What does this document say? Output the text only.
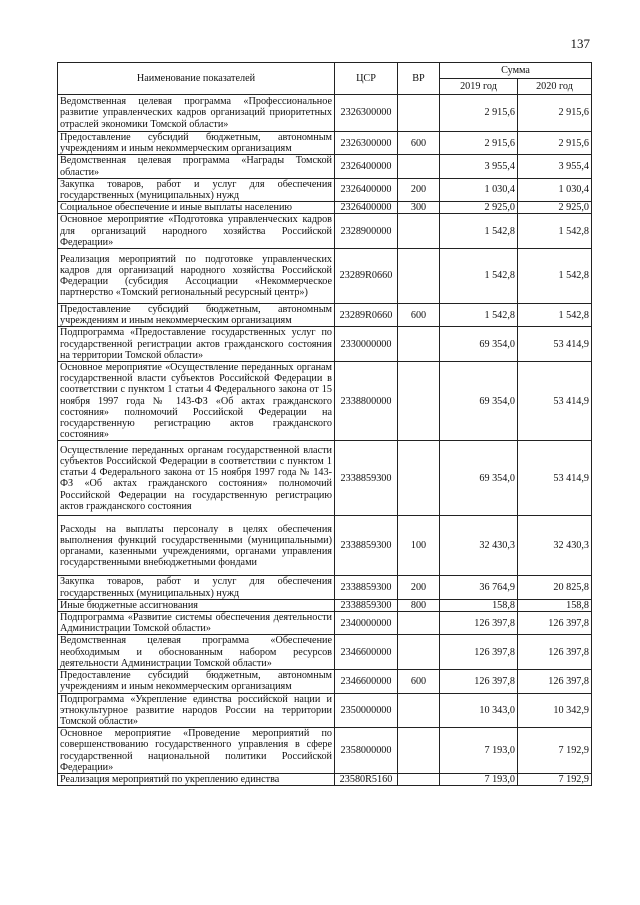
137
Наименование показателей	ЦСР	ВР	Сумма	
			2019 год	2020 год
Ведомственная целевая программа «Профессиональное развитие управленческих кадров организаций приоритетных отраслей экономики Томской области»	2326300000		2 915,6	2 915,6
Предоставление субсидий бюджетным, автономным учреждениям и иным некоммерческим организациям	2326300000	600	2 915,6	2 915,6
Ведомственная целевая программа «Награды Томской области»	2326400000		3 955,4	3 955,4
Закупка товаров, работ и услуг для обеспечения государственных (муниципальных) нужд	2326400000	200	1 030,4	1 030,4
Социальное обеспечение и иные выплаты населению	2326400000	300	2 925,0	2 925,0
Основное мероприятие «Подготовка управленческих кадров для организаций народного хозяйства Российской Федерации»	2328900000		1 542,8	1 542,8
Реализация мероприятий по подготовке управленческих кадров для организаций народного хозяйства Российской Федерации (субсидия Ассоциации «Некоммерческое партнерство «Томский региональный ресурсный центр»)	23289R0660		1 542,8	1 542,8
Предоставление субсидий бюджетным, автономным учреждениям и иным некоммерческим организациям	23289R0660	600	1 542,8	1 542,8
Подпрограмма «Предоставление государственных услуг по государственной регистрации актов гражданского состояния на территории Томской области»	2330000000		69 354,0	53 414,9
Основное мероприятие «Осуществление переданных органам государственной власти субъектов Российской Федерации в соответствии с пунктом 1 статьи 4 Федерального закона от 15 ноября 1997 года № 143-ФЗ «Об актах гражданского состояния» полномочий Российской Федерации на государственную регистрацию актов гражданского состояния»	2338800000		69 354,0	53 414,9
Осуществление переданных органам государственной власти субъектов Российской Федерации в соответствии с пунктом 1 статьи 4 Федерального закона от 15 ноября 1997 года № 143-ФЗ «Об актах гражданского состояния» полномочий Российской Федерации на государственную регистрацию актов гражданского состояния	2338859300		69 354,0	53 414,9
Расходы на выплаты персоналу в целях обеспечения выполнения функций государственными (муниципальными) органами, казенными учреждениями, органами управления государственными внебюджетными фондами	2338859300	100	32 430,3	32 430,3
Закупка товаров, работ и услуг для обеспечения государственных (муниципальных) нужд	2338859300	200	36 764,9	20 825,8
Иные бюджетные ассигнования	2338859300	800	158,8	158,8
Подпрограмма «Развитие системы обеспечения деятельности Администрации Томской области»	2340000000		126 397,8	126 397,8
Ведомственная целевая программа «Обеспечение необходимым и обоснованным набором ресурсов деятельности Администрации Томской области»	2346600000		126 397,8	126 397,8
Предоставление субсидий бюджетным, автономным учреждениям и иным некоммерческим организациям	2346600000	600	126 397,8	126 397,8
Подпрограмма «Укрепление единства российской нации и этнокультурное развитие народов России на территории Томской области»	2350000000		10 343,0	10 342,9
Основное мероприятие «Проведение мероприятий по совершенствованию государственного управления в сфере государственной национальной политики Российской Федерации»	2358000000		7 193,0	7 192,9
Реализация мероприятий по укреплению единства	23580R5160		7 193,0	7 192,9
